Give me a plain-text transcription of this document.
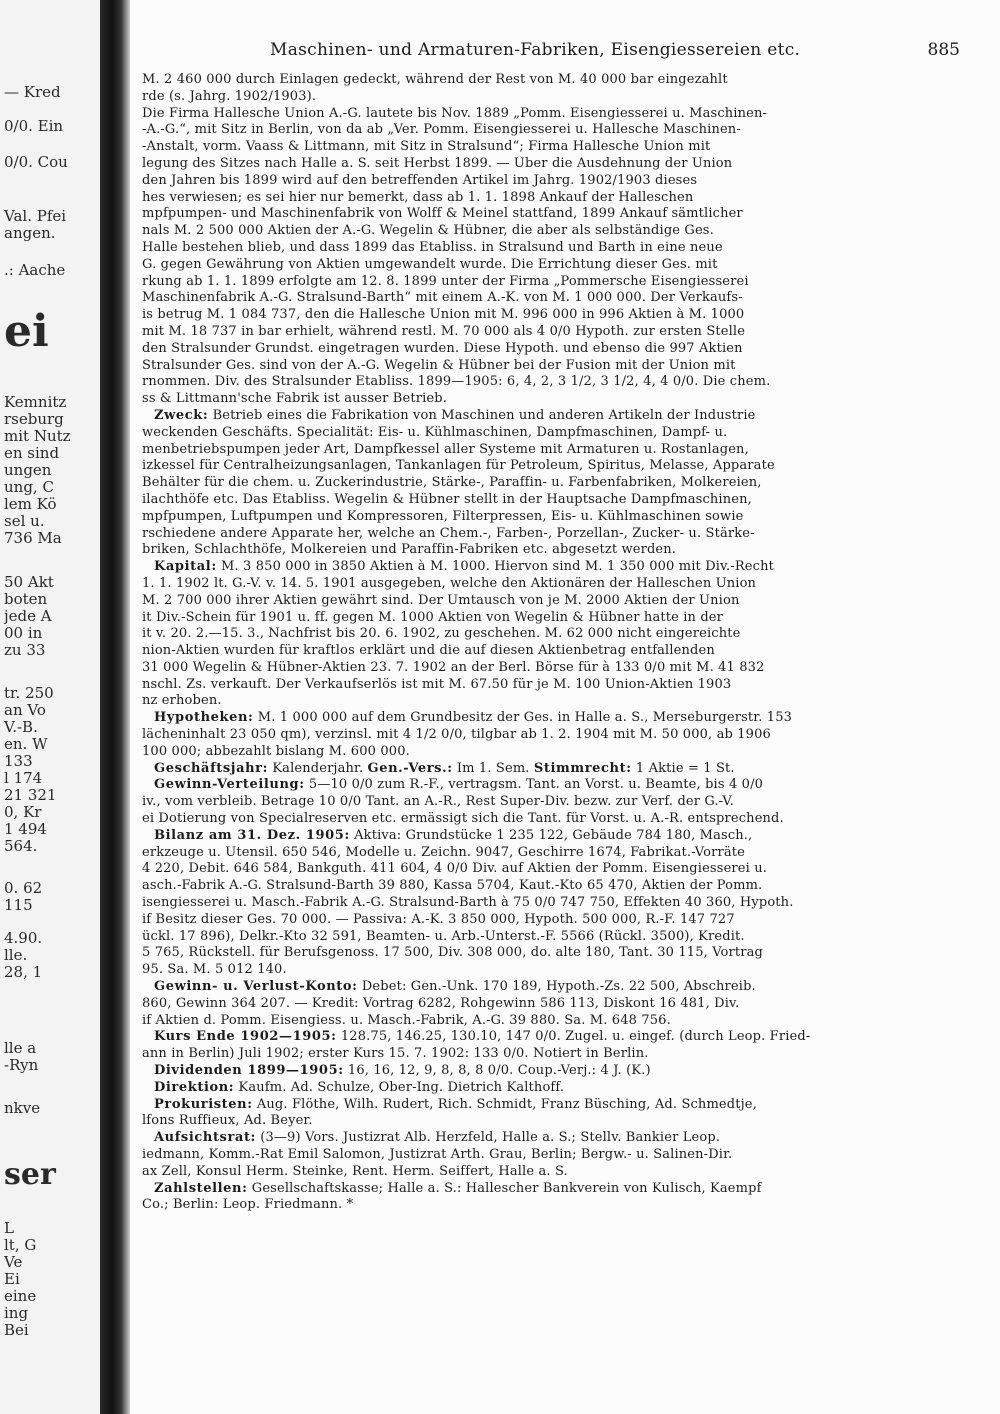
— Kred
0/0. Ein
0/0. Cou
Val. Pfei
angen.
.: Aache
ei
Kemnitz
rseburg
mit Nutz
en sind
ungen
ung, C
lem Kö
sel u.
736 Ma
50 Akt
boten
jede A
00 in
zu 33
tr. 250
an Vo
V.-B.
en. W
133
l 174
21 321
0, Kr
1 494
564.
0. 62
115
4.90.
lle.
28, 1
lle a
-Ryn
nkve
ser
L
lt, G
Ve
Ei
eine
ing
Bei
Maschinen- und Armaturen-Fabriken, Eisengiessereien etc.	885
M. 2 460 000 durch Einlagen gedeckt, während der Rest von M. 40 000 bar eingezahlt
rde (s. Jahrg. 1902/1903).
Die Firma Hallesche Union A.-G. lautete bis Nov. 1889 „Pomm. Eisengiesserei u. Maschinen-
-A.-G.“, mit Sitz in Berlin, von da ab „Ver. Pomm. Eisengiesserei u. Hallesche Maschinen-
-Anstalt, vorm. Vaass & Littmann, mit Sitz in Stralsund“; Firma Hallesche Union mit
legung des Sitzes nach Halle a. S. seit Herbst 1899. — Über die Ausdehnung der Union
den Jahren bis 1899 wird auf den betreffenden Artikel im Jahrg. 1902/1903 dieses
hes verwiesen; es sei hier nur bemerkt, dass ab 1. 1. 1898 Ankauf der Halleschen
mpfpumpen- und Maschinenfabrik von Wolff & Meinel stattfand, 1899 Ankauf sämtlicher
nals M. 2 500 000 Aktien der A.-G. Wegelin & Hübner, die aber als selbständige Ges.
Halle bestehen blieb, und dass 1899 das Etabliss. in Stralsund und Barth in eine neue
G. gegen Gewährung von Aktien umgewandelt wurde. Die Errichtung dieser Ges. mit
rkung ab 1. 1. 1899 erfolgte am 12. 8. 1899 unter der Firma „Pommersche Eisengiesserei
Maschinenfabrik A.-G. Stralsund-Barth“ mit einem A.-K. von M. 1 000 000. Der Verkaufs-
is betrug M. 1 084 737, den die Hallesche Union mit M. 996 000 in 996 Aktien à M. 1000
mit M. 18 737 in bar erhielt, während restl. M. 70 000 als 4 0/0 Hypoth. zur ersten Stelle
den Stralsunder Grundst. eingetragen wurden. Diese Hypoth. und ebenso die 997 Aktien
Stralsunder Ges. sind von der A.-G. Wegelin & Hübner bei der Fusion mit der Union mit
rnommen. Div. des Stralsunder Etabliss. 1899—1905: 6, 4, 2, 3 1/2, 3 1/2, 4, 4 0/0. Die chem.
ss & Littmann'sche Fabrik ist ausser Betrieb.
Zweck: Betrieb eines die Fabrikation von Maschinen und anderen Artikeln der Industrie
weckenden Geschäfts. Specialität: Eis- u. Kühlmaschinen, Dampfmaschinen, Dampf- u.
menbetriebspumpen jeder Art, Dampfkessel aller Systeme mit Armaturen u. Rostanlagen,
izkessel für Centralheizungsanlagen, Tankanlagen für Petroleum, Spiritus, Melasse, Apparate
Behälter für die chem. u. Zuckerindustrie, Stärke-, Paraffin- u. Farbenfabriken, Molkereien,
ilachthöfe etc. Das Etabliss. Wegelin & Hübner stellt in der Hauptsache Dampfmaschinen,
mpfpumpen, Luftpumpen und Kompressoren, Filterpressen, Eis- u. Kühlmaschinen sowie
rschiedene andere Apparate her, welche an Chem.-, Farben-, Porzellan-, Zucker- u. Stärke-
briken, Schlachthöfe, Molkereien und Paraffin-Fabriken etc. abgesetzt werden.
Kapital: M. 3 850 000 in 3850 Aktien à M. 1000. Hiervon sind M. 1 350 000 mit Div.-Recht
1. 1. 1902 lt. G.-V. v. 14. 5. 1901 ausgegeben, welche den Aktionären der Halleschen Union
M. 2 700 000 ihrer Aktien gewährt sind. Der Umtausch von je M. 2000 Aktien der Union
it Div.-Schein für 1901 u. ff. gegen M. 1000 Aktien von Wegelin & Hübner hatte in der
it v. 20. 2.—15. 3., Nachfrist bis 20. 6. 1902, zu geschehen. M. 62 000 nicht eingereichte
nion-Aktien wurden für kraftlos erklärt und die auf diesen Aktienbetrag entfallenden
31 000 Wegelin & Hübner-Aktien 23. 7. 1902 an der Berl. Börse für à 133 0/0 mit M. 41 832
nschl. Zs. verkauft. Der Verkaufserlös ist mit M. 67.50 für je M. 100 Union-Aktien 1903
nz erhoben.
Hypotheken: M. 1 000 000 auf dem Grundbesitz der Ges. in Halle a. S., Merseburgerstr. 153
lächeninhalt 23 050 qm), verzinsl. mit 4 1/2 0/0, tilgbar ab 1. 2. 1904 mit M. 50 000, ab 1906
100 000; abbezahlt bislang M. 600 000.
Geschäftsjahr: Kalenderjahr. Gen.-Vers.: Im 1. Sem. Stimmrecht: 1 Aktie = 1 St.
Gewinn-Verteilung: 5—10 0/0 zum R.-F., vertragsm. Tant. an Vorst. u. Beamte, bis 4 0/0
iv., vom verbleib. Betrage 10 0/0 Tant. an A.-R., Rest Super-Div. bezw. zur Verf. der G.-V.
ei Dotierung von Specialreserven etc. ermässigt sich die Tant. für Vorst. u. A.-R. entsprechend.
Bilanz am 31. Dez. 1905: Aktiva: Grundstücke 1 235 122, Gebäude 784 180, Masch.,
erkzeuge u. Utensil. 650 546, Modelle u. Zeichn. 9047, Geschirre 1674, Fabrikat.-Vorräte
4 220, Debit. 646 584, Bankguth. 411 604, 4 0/0 Div. auf Aktien der Pomm. Eisengiesserei u.
asch.-Fabrik A.-G. Stralsund-Barth 39 880, Kassa 5704, Kaut.-Kto 65 470, Aktien der Pomm.
isengiesserei u. Masch.-Fabrik A.-G. Stralsund-Barth à 75 0/0 747 750, Effekten 40 360, Hypoth.
if Besitz dieser Ges. 70 000. — Passiva: A.-K. 3 850 000, Hypoth. 500 000, R.-F. 147 727
ückl. 17 896), Delkr.-Kto 32 591, Beamten- u. Arb.-Unterst.-F. 5566 (Rückl. 3500), Kredit.
5 765, Rückstell. für Berufsgenoss. 17 500, Div. 308 000, do. alte 180, Tant. 30 115, Vortrag
95. Sa. M. 5 012 140.
Gewinn- u. Verlust-Konto: Debet: Gen.-Unk. 170 189, Hypoth.-Zs. 22 500, Abschreib.
860, Gewinn 364 207. — Kredit: Vortrag 6282, Rohgewinn 586 113, Diskont 16 481, Div.
if Aktien d. Pomm. Eisengiess. u. Masch.-Fabrik, A.-G. 39 880. Sa. M. 648 756.
Kurs Ende 1902—1905: 128.75, 146.25, 130.10, 147 0/0. Zugel. u. eingef. (durch Leop. Fried-
ann in Berlin) Juli 1902; erster Kurs 15. 7. 1902: 133 0/0. Notiert in Berlin.
Dividenden 1899—1905: 16, 16, 12, 9, 8, 8, 8 0/0. Coup.-Verj.: 4 J. (K.)
Direktion: Kaufm. Ad. Schulze, Ober-Ing. Dietrich Kalthoff.
Prokuristen: Aug. Flöthe, Wilh. Rudert, Rich. Schmidt, Franz Büsching, Ad. Schmedtje,
lfons Ruffieux, Ad. Beyer.
Aufsichtsrat: (3—9) Vors. Justizrat Alb. Herzfeld, Halle a. S.; Stellv. Bankier Leop.
iedmann, Komm.-Rat Emil Salomon, Justizrat Arth. Grau, Berlin; Bergw.- u. Salinen-Dir.
ax Zell, Konsul Herm. Steinke, Rent. Herm. Seiffert, Halle a. S.
Zahlstellen: Gesellschaftskasse; Halle a. S.: Hallescher Bankverein von Kulisch, Kaempf
Co.; Berlin: Leop. Friedmann. *
